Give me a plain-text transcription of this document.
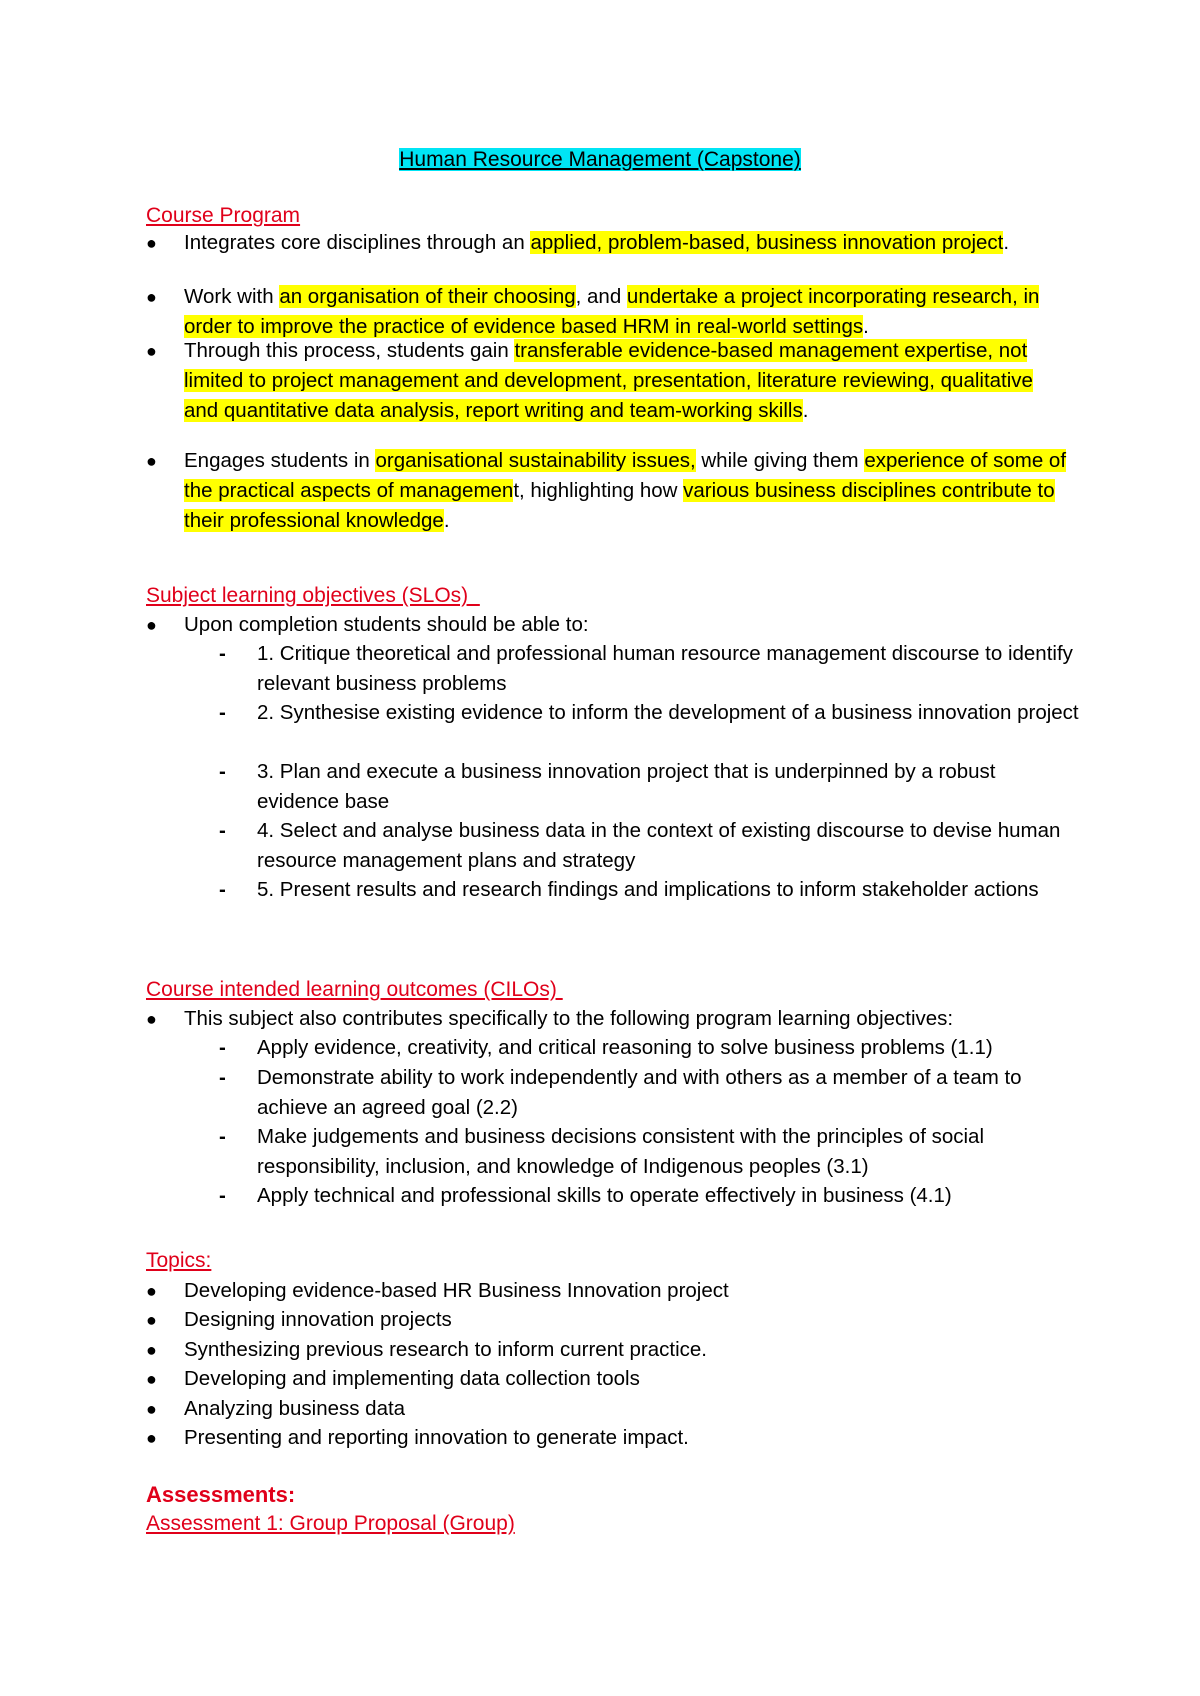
Human Resource Management (Capstone)
Course Program
● Integrates core disciplines through an applied, problem-based, business innovation project.
● Work with an organisation of their choosing, and undertake a project incorporating research, in order to improve the practice of evidence based HRM in real-world settings.
● Through this process, students gain transferable evidence-based management expertise, not limited to project management and development, presentation, literature reviewing, qualitative and quantitative data analysis, report writing and team-working skills.
● Engages students in organisational sustainability issues, while giving them experience of some of the practical aspects of management, highlighting how various business disciplines contribute to their professional knowledge.
Subject learning objectives (SLOs)
● Upon completion students should be able to:
- 1. Critique theoretical and professional human resource management discourse to identify relevant business problems
- 2. Synthesise existing evidence to inform the development of a business innovation project
- 3. Plan and execute a business innovation project that is underpinned by a robust evidence base
- 4. Select and analyse business data in the context of existing discourse to devise human resource management plans and strategy
- 5. Present results and research findings and implications to inform stakeholder actions
Course intended learning outcomes (CILOs)
● This subject also contributes specifically to the following program learning objectives:
- Apply evidence, creativity, and critical reasoning to solve business problems (1.1)
- Demonstrate ability to work independently and with others as a member of a team to achieve an agreed goal (2.2)
- Make judgements and business decisions consistent with the principles of social responsibility, inclusion, and knowledge of Indigenous peoples (3.1)
- Apply technical and professional skills to operate effectively in business (4.1)
Topics:
● Developing evidence-based HR Business Innovation project
● Designing innovation projects
● Synthesizing previous research to inform current practice.
● Developing and implementing data collection tools
● Analyzing business data
● Presenting and reporting innovation to generate impact.
Assessments:
Assessment 1: Group Proposal (Group)
